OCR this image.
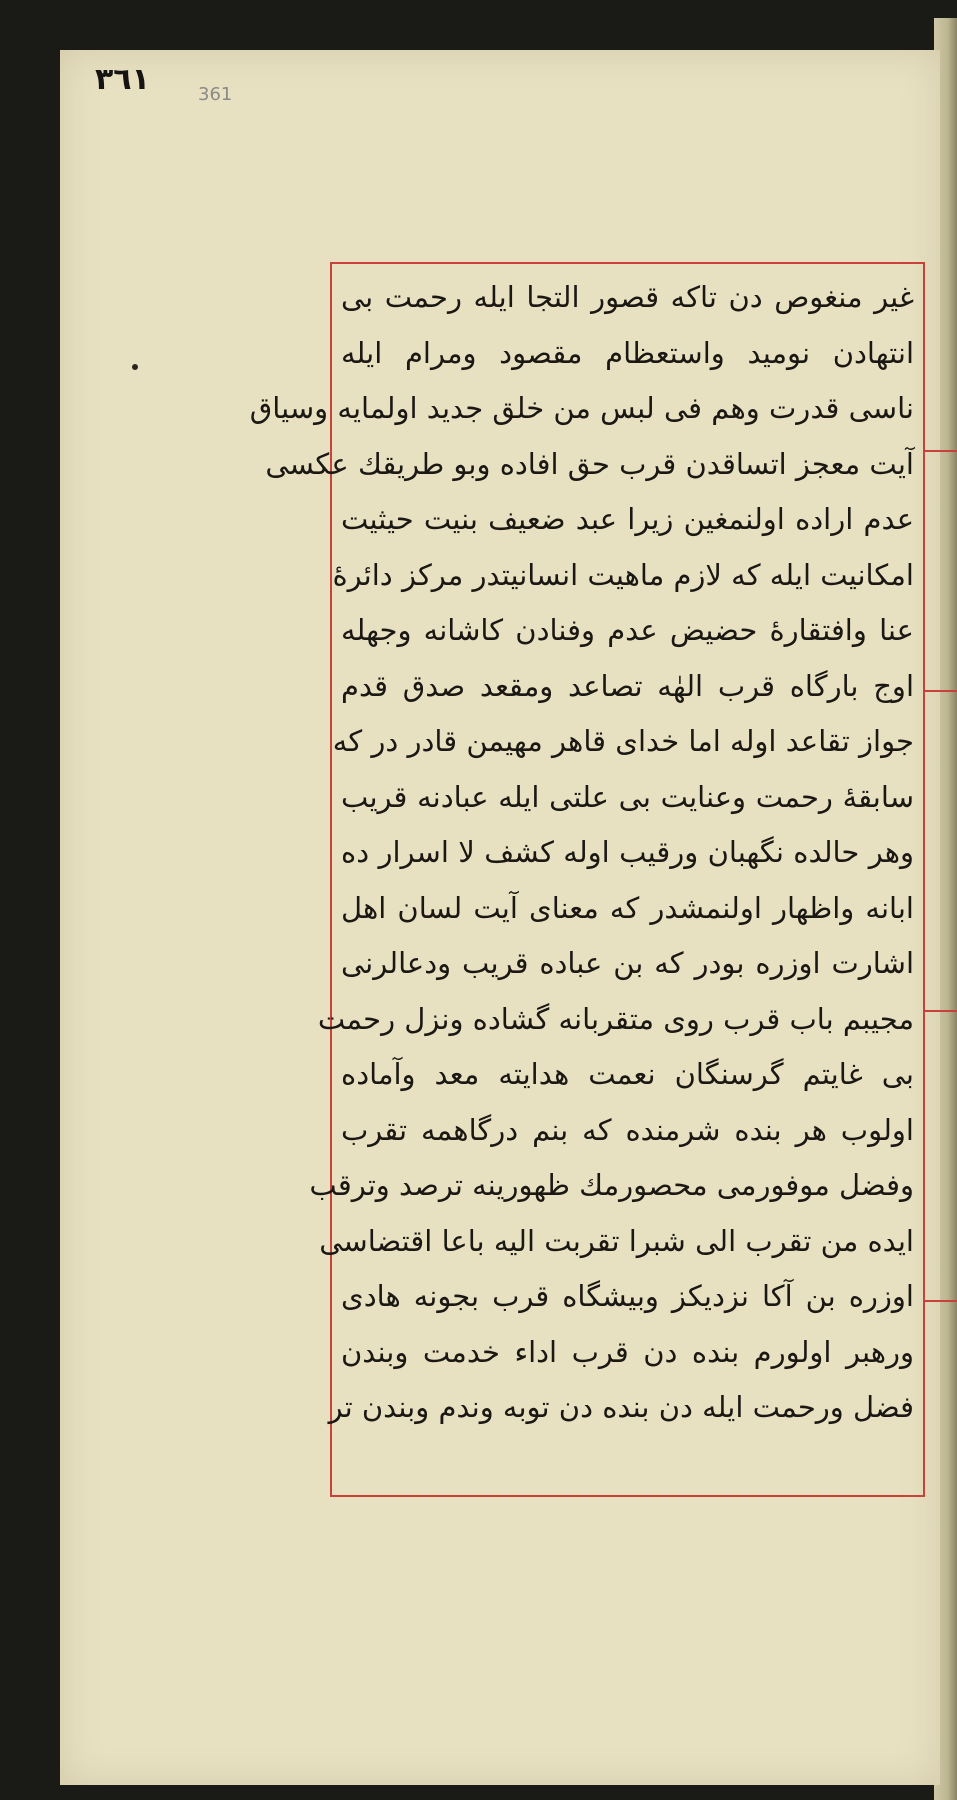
٣٦١	361
غیر منغوص دن تاکه قصور التجا ایله رحمت بی
انتهادن نومید واستعظام مقصود ومرام ایله
ناسی قدرت وهم فی لبس من خلق جدید اولمایه وسیاق
آیت معجز اتساقدن قرب حق افاده وبو طریقك عکسی
عدم اراده اولنمغین زیرا عبد ضعیف بنیت حیثیت
امکانیت ایله که لازم ماهیت انسانیتدر مرکز دائرهٔ
عنا وافتقارهٔ حضیض عدم وفنادن کاشانه وجهله
اوج بارگاه قرب الهٰه تصاعد ومقعد صدق قدم
جواز تقاعد اوله اما خدای قاهر مهیمن قادر در که
سابقهٔ رحمت وعنایت بی علتی ایله عبادنه قریب
وهر حالده نگهبان ورقیب اوله کشف لا اسرار ده
ابانه واظهار اولنمشدر که معنای آیت لسان اهل
اشارت اوزره بودر که بن عباده قریب ودعالرنی
مجیبم باب قرب روی متقربانه گشاده ونزل رحمت
بی غایتم گرسنگان نعمت هدایته معد وآماده
اولوب هر بنده شرمنده که بنم درگاهمه تقرب
وفضل موفورمی محصورمك ظهورینه ترصد وترقب
ایده من تقرب الی شبرا تقربت الیه باعا اقتضاسی
اوزره بن آکا نزدیکز وبیشگاه قرب بجونه هادی
ورهبر اولورم بنده دن قرب اداء خدمت وبندن
فضل ورحمت ایله دن بنده دن توبه وندم وبندن تر
